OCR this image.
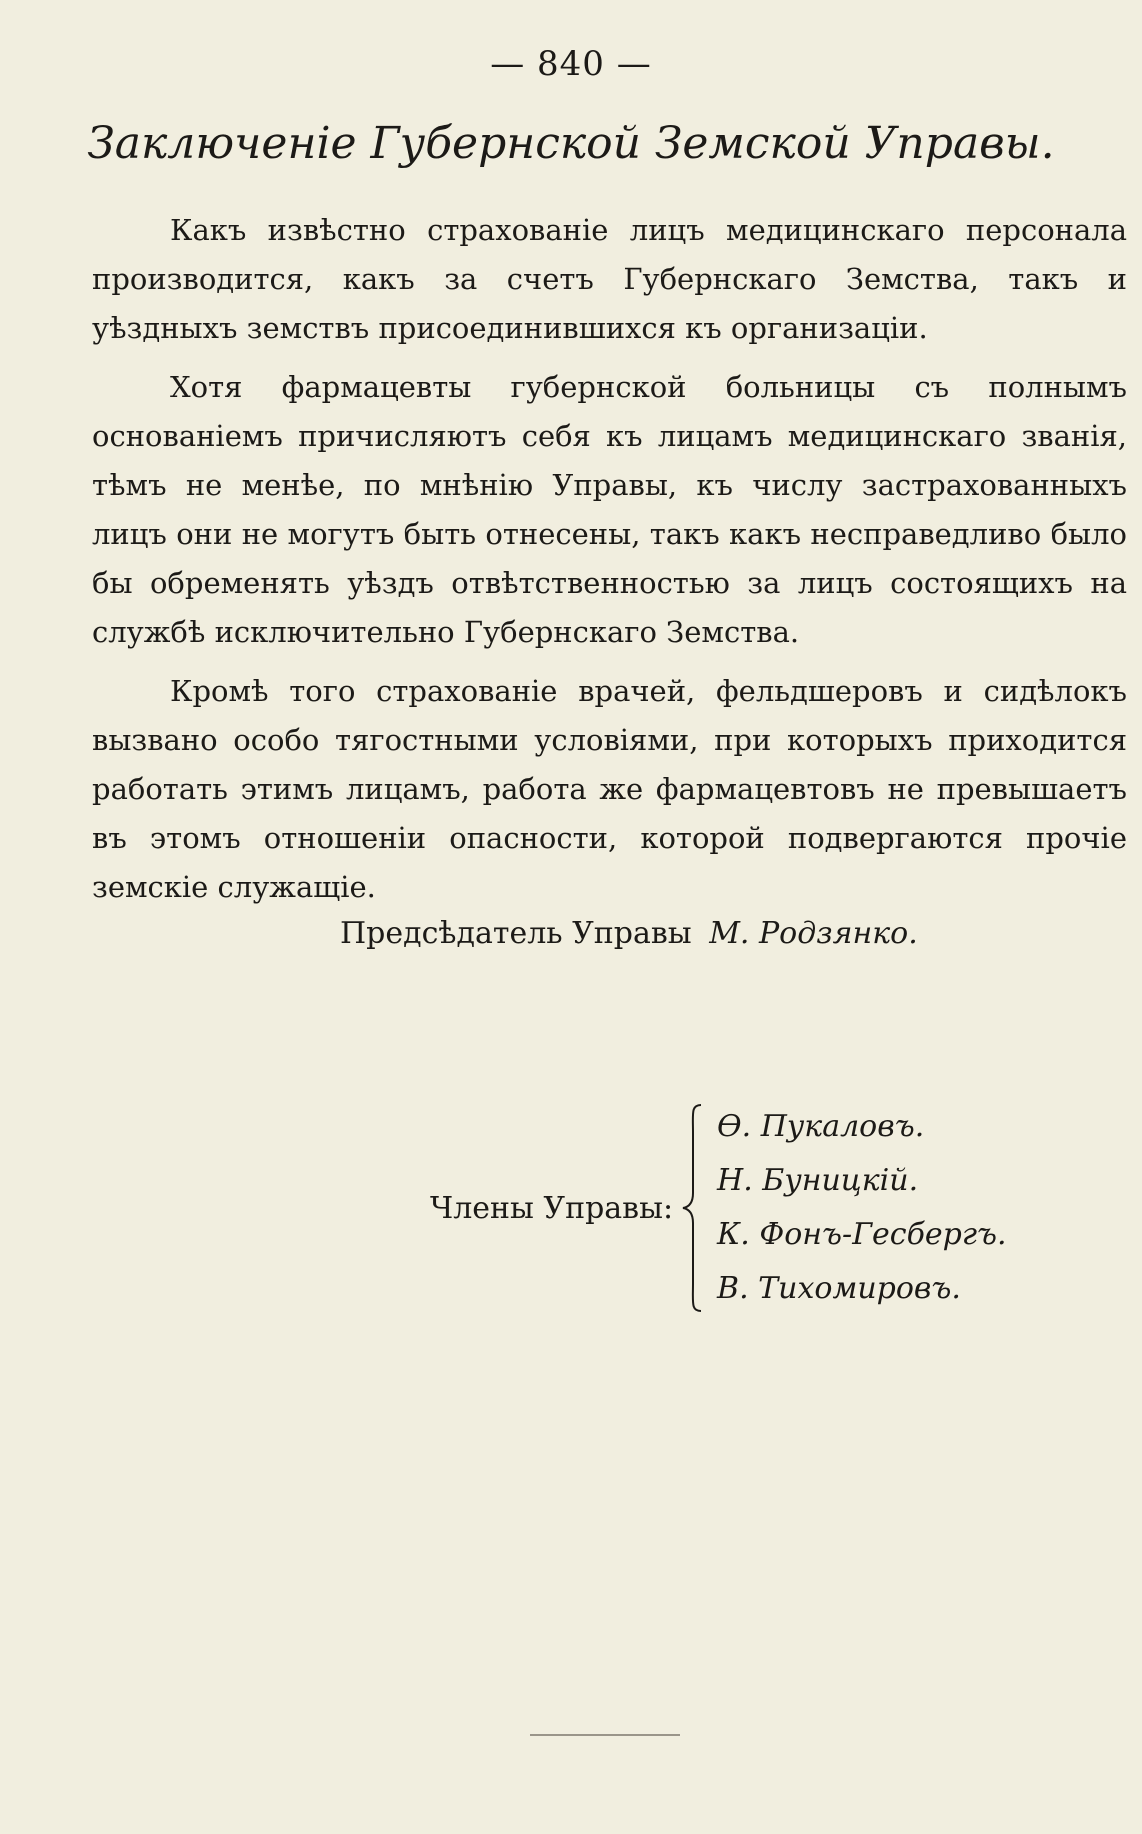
— 840 —
Заключеніе Губернской Земской Управы.

Какъ извѣстно страхованіе лицъ медицинскаго персонала производится, какъ за счетъ Губернскаго Земства, такъ и уѣздныхъ земствъ присоединившихся къ организаціи.

Хотя фармацевты губернской больницы съ полнымъ основаніемъ причисляютъ себя къ лицамъ медицинскаго званія, тѣмъ не менѣе, по мнѣнію Управы, къ числу застрахованныхъ лицъ они не могутъ быть отнесены, такъ какъ несправедливо было бы обременять уѣздъ отвѣтственностью за лицъ состоящихъ на службѣ исключительно Губернскаго Земства.

Кромѣ того страхованіе врачей, фельдшеровъ и сидѣлокъ вызвано особо тягостными условіями, при которыхъ приходится работать этимъ лицамъ, работа же фармацевтовъ не превышаетъ въ этомъ отношеніи опасности, которой подвергаются прочіе земскіе служащіе.

Предсѣдатель Управы М. Родзянко.
Члены Управы:
Ѳ. Пукаловъ.
Н. Буницкій.
К. Фонъ-Гесбергъ.
В. Тихомировъ.
